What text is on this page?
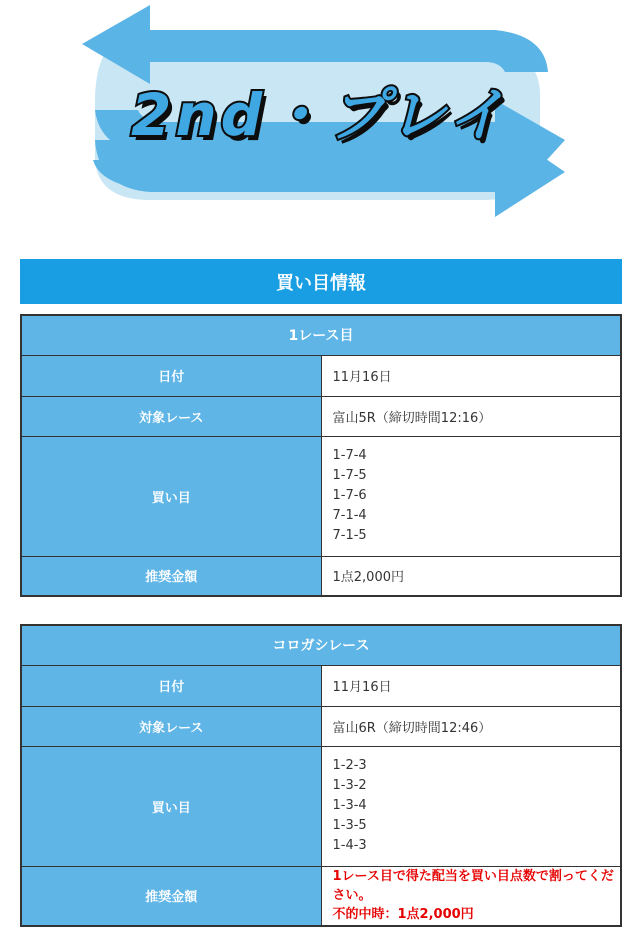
2nd・プレイ
買い目情報
1レース目	
日付	11月16日
対象レース	富山5R（締切時間12:16）
買い目	1-7-4
1-7-5
1-7-6
7-1-4
7-1-5

推奨金額	1点2,000円
コロガシレース	
日付	11月16日
対象レース	富山6R（締切時間12:46）
買い目	1-2-3
1-3-2
1-3-4
1-3-5
1-4-3

推奨金額	1レース目で得た配当を買い目点数で割ってください。
不的中時：1点2,000円
